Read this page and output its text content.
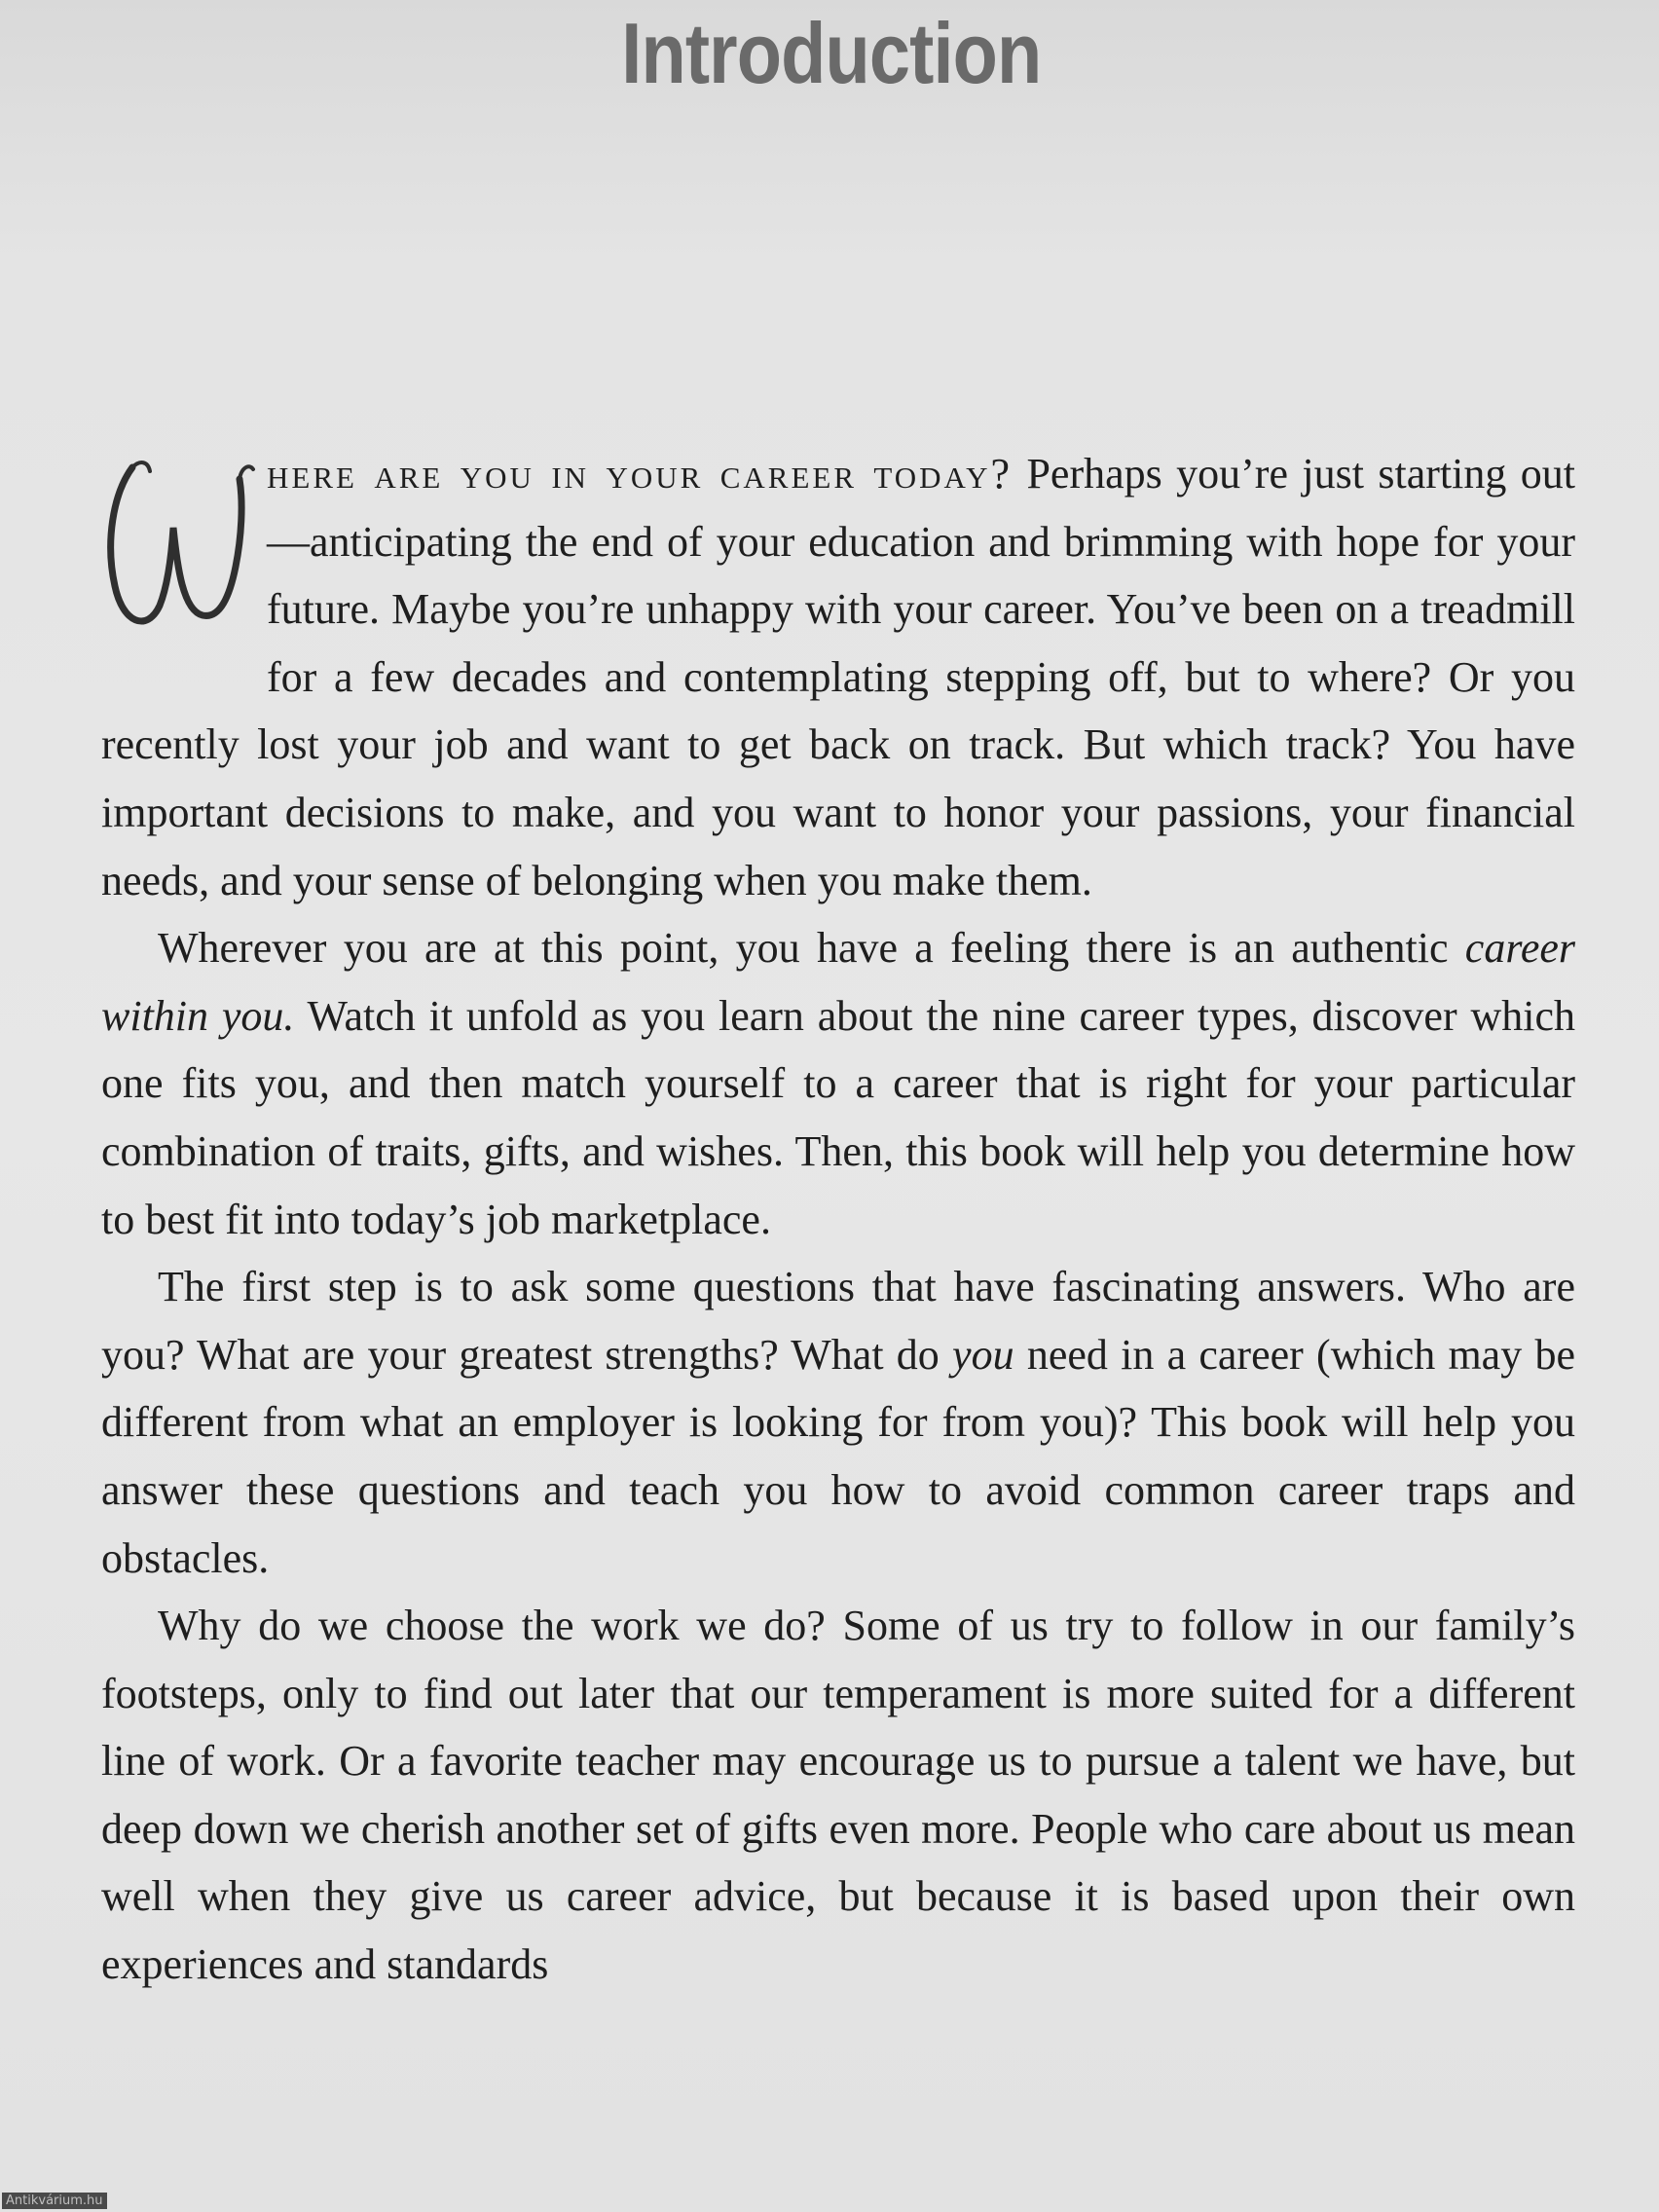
Introduction

here are you in your career today? Perhaps you’re just starting out—anticipating the end of your education and brimming with hope for your future. Maybe you’re unhappy with your career. You’ve been on a treadmill for a few decades and contemplating stepping off, but to where? Or you recently lost your job and want to get back on track. But which track? You have important decisions to make, and you want to honor your passions, your financial needs, and your sense of belonging when you make them.

Wherever you are at this point, you have a feeling there is an authentic career within you. Watch it unfold as you learn about the nine career types, discover which one fits you, and then match yourself to a career that is right for your particular combination of traits, gifts, and wishes. Then, this book will help you determine how to best fit into today’s job marketplace.

The first step is to ask some questions that have fascinating answers. Who are you? What are your greatest strengths? What do you need in a career (which may be different from what an employer is looking for from you)? This book will help you answer these questions and teach you how to avoid common career traps and obstacles.

Why do we choose the work we do? Some of us try to follow in our family’s footsteps, only to find out later that our temperament is more suited for a different line of work. Or a favorite teacher may encourage us to pursue a talent we have, but deep down we cherish another set of gifts even more. People who care about us mean well when they give us career advice, but because it is based upon their own experiences and standards

Antikvárium.hu
